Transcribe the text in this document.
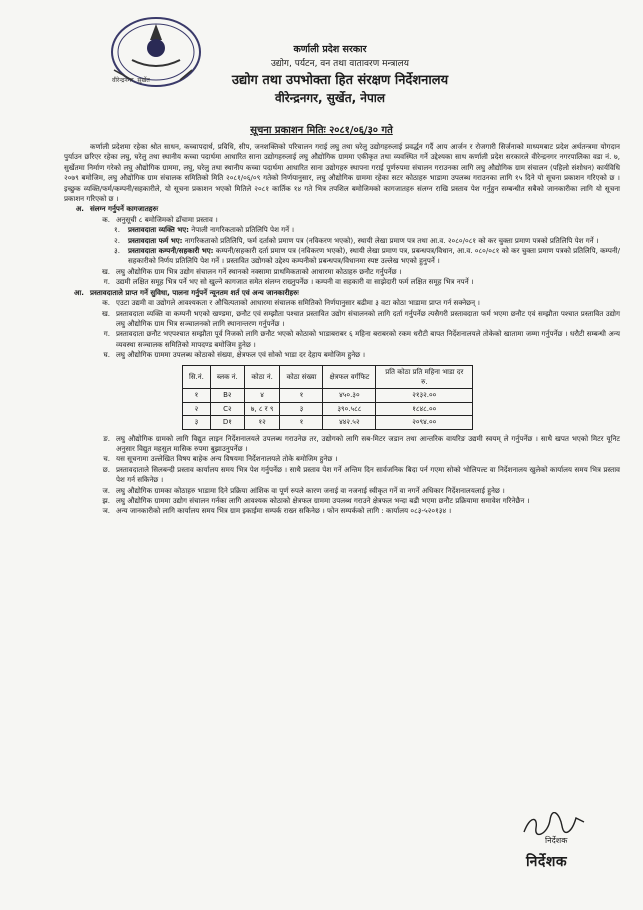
वीरेन्द्रनगर, सुर्खेत
कर्णाली प्रदेश सरकार
उद्योग, पर्यटन, वन तथा वातावरण मन्त्रालय
उद्योग तथा उपभोक्ता हित संरक्षण निर्देशनालय
वीरेन्द्रनगर, सुर्खेत, नेपाल
सूचना प्रकाशन मितिः २०८१/०६/३० गते

कर्णाली प्रदेशमा रहेका श्रोत साधन, कच्चापदार्थ, प्रविधि, सीप, जनशक्तिको परिचालन गराई लघु तथा घरेलु उद्योगहरुलाई प्रवर्द्धन गर्दै आय आर्जन र रोजगारी सिर्जनाको माध्यमबाट प्रदेश अर्थतन्त्रमा योगदान पुर्याउन छरिएर रहेका लघु, घरेलु तथा स्थानीय कच्चा पदार्थमा आधारित साना उद्योगहरुलाई लघु औद्योगिक ग्राममा एकीकृत तथा व्यवस्थित गर्ने उद्देश्यका साथ कर्णाली प्रदेश सरकारले वीरेन्द्रनगर नगरपालिका वडा नं. ७, सुर्खेतमा निर्माण गरेको लघु औद्योगिक ग्राममा, लघु, घरेलु तथा स्थानीय कच्चा पदार्थमा आधारित साना उद्योगहरु स्थापना गराई पूर्णरुपमा संचालन गराउनका लागि लघु औद्योगिक ग्राम संचालन (पहिलो संशोधन) कार्यविधि २०७९ बमोजिम, लघु औद्योगिक ग्राम संचालक समितिको मिति २०८१/०६/०९ गतेको निर्णयानुसार, लघु औद्योगिक ग्राममा रहेका सटर कोठाहरु भाडामा उपलब्ध गराउनका लागि १५ दिने यो सूचना प्रकाशन गरिएको छ । इच्छुक व्यक्ति/फर्म/कम्पनी/सहकारीले, यो सूचना प्रकाशन भएको मितिले २०८१ कार्तिक १४ गते भित्र तपशिल बमोजिमको कागजातहरु संलग्न राखि प्रस्ताव पेश गर्नुहुन सम्बन्धीत सबैको जानकारीका लागि यो सूचना प्रकाशन गरिएको छ ।

अ. संलग्न गर्नुपर्ने कागजातहरुः
क. अनुसूची ८ बमोजिमको ढाँचामा प्रस्ताव ।
१.	प्रस्तावदाता व्यक्ति भए: नेपाली नागरिकताको प्रतिलिपि पेश गर्ने ।
२.	प्रस्तावदाता फर्म भए: नागरिकताको प्रतिलिपि, फर्म दर्ताको प्रमाण पत्र (नविकरण भएको), स्थायी लेखा प्रमाण पत्र तथा आ.व. २०८०/०८१ को कर चुक्ता प्रमाण पत्रको प्रतिलिपि पेश गर्ने ।
३.	प्रस्तावदाता कम्पनी/सहकारी भए: कम्पनी/सहकारी दर्ता प्रमाण पत्र (नविकरण भएको), स्थायी लेखा प्रमाण पत्र, प्रबन्धपत्र/विधान, आ.व. ०८०/०८१ को कर चुक्ता प्रमाण पत्रको प्रतिलिपि, कम्पनी/सहकारीको निर्णय प्रतिलिपि पेश गर्ने । प्रस्तावित उद्योगको उद्देश्य कम्पनीको प्रबन्धपत्र/विधानमा स्पष्ट उल्लेख भएको हुनुपर्ने ।
ख. लघु औद्योगिक ग्राम भित्र उद्योग संचालन गर्ने स्थानको नक्सामा प्राथमिकताको आधारमा कोठाहरु छनौट गर्नुपर्नेछ ।
ग. उद्यमी लक्षित समूह भित्र पर्ने भए सो खुल्ने कागजात समेत संलग्न राख्नुपर्नेछ । कम्पनी वा सहकारी वा साझेदारी फर्म लक्षित समूह भित्र नपर्ने ।
आ. प्रस्तावदाताले प्राप्त गर्ने सुविधा, पालना गर्नुपर्ने न्यूनतम शर्त एवं अन्य जानकारीहरुः
क. एउटा उद्यमी वा उद्योगले आवश्यकता र औचित्यताको आधारमा संचालक समितिको निर्णयानुसार बढीमा ३ वटा कोठा भाडामा प्राप्त गर्न सक्नेछन् ।
ख. प्रस्तावदाता व्यक्ति वा कम्पनी भएको खण्डमा, छनौट एवं सम्झौता पश्चात प्रस्तावित उद्योग संचालनको लागि दर्ता गर्नुपर्नेछ त्यसैगरी प्रस्तावदाता फर्म भएमा छनौट एवं सम्झौता पश्चात प्रस्तावित उद्योग लघु औद्योगिक ग्राम भित्र सञ्चालनको लागि स्थानान्तरण गर्नुपर्नेछ ।
ग. प्रस्तावदाता छनौट भएपश्चात सम्झौता पूर्व निजको लागि छनौट भएको कोठाको भाडाबराबर ६ महिना बराबरको रकम धरौटी बापत निर्देशनालयले तोकेको खातामा जम्मा गर्नुपर्नेछ । धरौटी सम्बन्धी अन्य व्यवस्था सञ्चालक समितिको मापदण्ड बमोजिम हुनेछ ।
घ. लघु औद्योगिक ग्राममा उपलब्ध कोठाको संख्या, क्षेत्रफल एवं सोको भाडा दर देहाय बमोजिम हुनेछ ।
सि.नं.	ब्लक नं.	कोठा नं.	कोठा संख्या	क्षेत्रफल वर्गफिट	प्रति कोठा प्रति महिना भाडा दर रु.
१	B२	४	१	४५०.३०	२१३२.००
२	C२	७, ८ र ९	३	३९०.५८८	१८४८.००
३	D१	१२	१	४४२.५२	२०९४.००
ङ. लघु औद्योगिक ग्रामको लागि विद्युत लाइन निर्देशनालयले उपलब्ध गराउनेछ तर, उद्योगको लागि सब-मिटर जडान तथा आन्तरिक वायरिङ उद्यमी स्वयम् ले गर्नुपर्नेछ । साथै खपत भएको मिटर यूनिट अनुसार विद्युत महसुल मासिक रुपमा बुझाउनुपर्नेछ ।
च. यस सूचनामा उल्लेखित विषय बाहेक अन्य विषयमा निर्देशनालयले तोके बमोजिम हुनेछ ।
छ. प्रस्तावदाताले सिलबन्दी प्रस्ताव कार्यालय समय भित्र पेश गर्नुपर्नेछ । साथै प्रस्ताव पेश गर्ने अन्तिम दिन सार्वजनिक बिदा पर्न गएमा सोको भोलिपल्ट वा निर्देशनालय खुलेको कार्यालय समय भित्र प्रस्ताव पेश गर्न सकिनेछ ।
ज. लघु औद्योगिक ग्रामका कोठाहरु भाडामा दिने प्रक्रिया आंशिक वा पूर्ण रुपले कारण जनाई वा नजनाई स्वीकृत गर्ने वा नगर्ने अधिकार निर्देशनालयलाई हुनेछ ।
झ. लघु औद्योगिक ग्राममा उद्योग संचालन गर्नका लागि आवश्यक कोठाको क्षेत्रफल ग्राममा उपलब्ध गराउने क्षेत्रफल भन्दा बढी भएमा छनौट प्रक्रियामा समावेश गरिनेछैन ।
ञ. अन्य जानकारीको लागि कार्यालय समय भित्र ग्राम इकाईमा सम्पर्क राख्न सकिनेछ । फोन सम्पर्कको लागि : कार्यालय ०८३-५२०१३४ ।
निर्देशक
निर्देशक
